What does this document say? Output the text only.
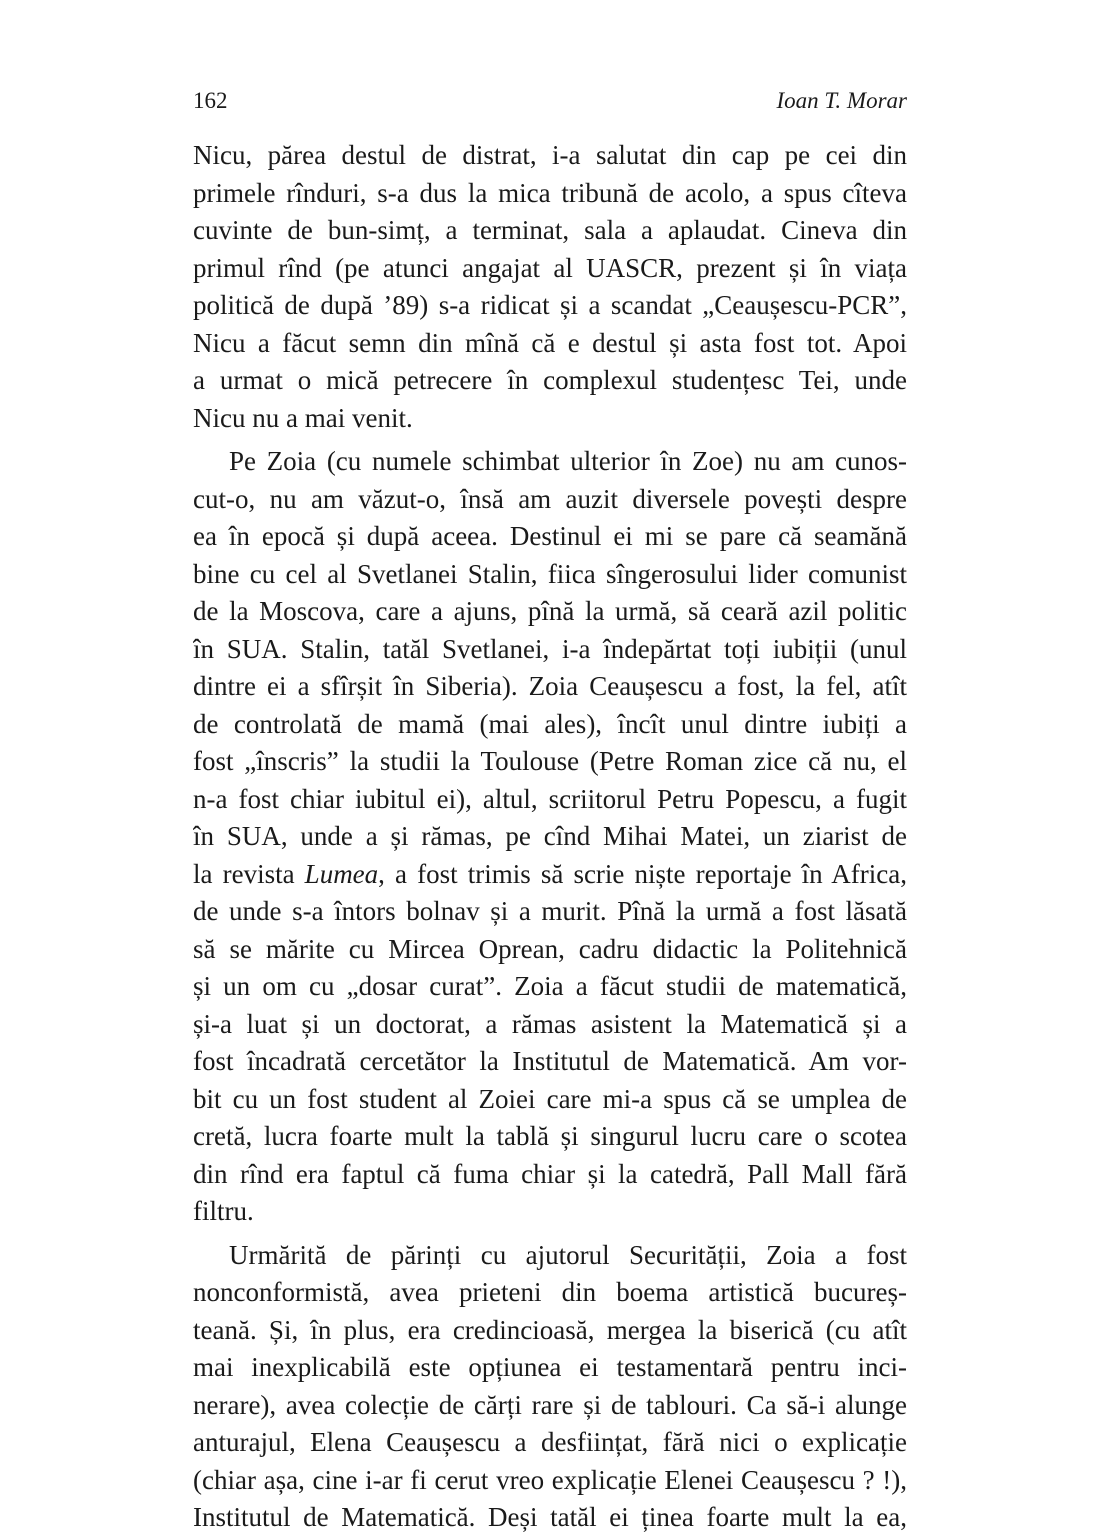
162	Ioan T. Morar

Nicu, părea destul de distrat, i-a salutat din cap pe cei din
primele rînduri, s-a dus la mica tribună de acolo, a spus cîteva
cuvinte de bun-simț, a terminat, sala a aplaudat. Cineva din
primul rînd (pe atunci angajat al UASCR, prezent și în viața
politică de după ’89) s-a ridicat și a scandat „Ceaușescu-PCR”,
Nicu a făcut semn din mînă că e destul și asta fost tot. Apoi
a urmat o mică petrecere în complexul studențesc Tei, unde
Nicu nu a mai venit.

Pe Zoia (cu numele schimbat ulterior în Zoe) nu am cunos-
cut-o, nu am văzut-o, însă am auzit diversele povești despre
ea în epocă și după aceea. Destinul ei mi se pare că seamănă
bine cu cel al Svetlanei Stalin, fiica sîngerosului lider comunist
de la Moscova, care a ajuns, pînă la urmă, să ceară azil politic
în SUA. Stalin, tatăl Svetlanei, i-a îndepărtat toți iubiții (unul
dintre ei a sfîrșit în Siberia). Zoia Ceaușescu a fost, la fel, atît
de controlată de mamă (mai ales), încît unul dintre iubiți a
fost „înscris” la studii la Toulouse (Petre Roman zice că nu, el
n-a fost chiar iubitul ei), altul, scriitorul Petru Popescu, a fugit
în SUA, unde a și rămas, pe cînd Mihai Matei, un ziarist de
la revista Lumea, a fost trimis să scrie niște reportaje în Africa,
de unde s-a întors bolnav și a murit. Pînă la urmă a fost lăsată
să se mărite cu Mircea Oprean, cadru didactic la Politehnică
și un om cu „dosar curat”. Zoia a făcut studii de matematică,
și-a luat și un doctorat, a rămas asistent la Matematică și a
fost încadrată cercetător la Institutul de Matematică. Am vor-
bit cu un fost student al Zoiei care mi-a spus că se umplea de
cretă, lucra foarte mult la tablă și singurul lucru care o scotea
din rînd era faptul că fuma chiar și la catedră, Pall Mall fără
filtru.

Urmărită de părinți cu ajutorul Securității, Zoia a fost
nonconformistă, avea prieteni din boema artistică bucureș-
teană. Și, în plus, era credincioasă, mergea la biserică (cu atît
mai inexplicabilă este opțiunea ei testamentară pentru inci-
nerare), avea colecție de cărți rare și de tablouri. Ca să-i alunge
anturajul, Elena Ceaușescu a desființat, fără nici o explicație
(chiar așa, cine i-ar fi cerut vreo explicație Elenei Ceaușescu ? !),
Institutul de Matematică. Deși tatăl ei ținea foarte mult la ea,
